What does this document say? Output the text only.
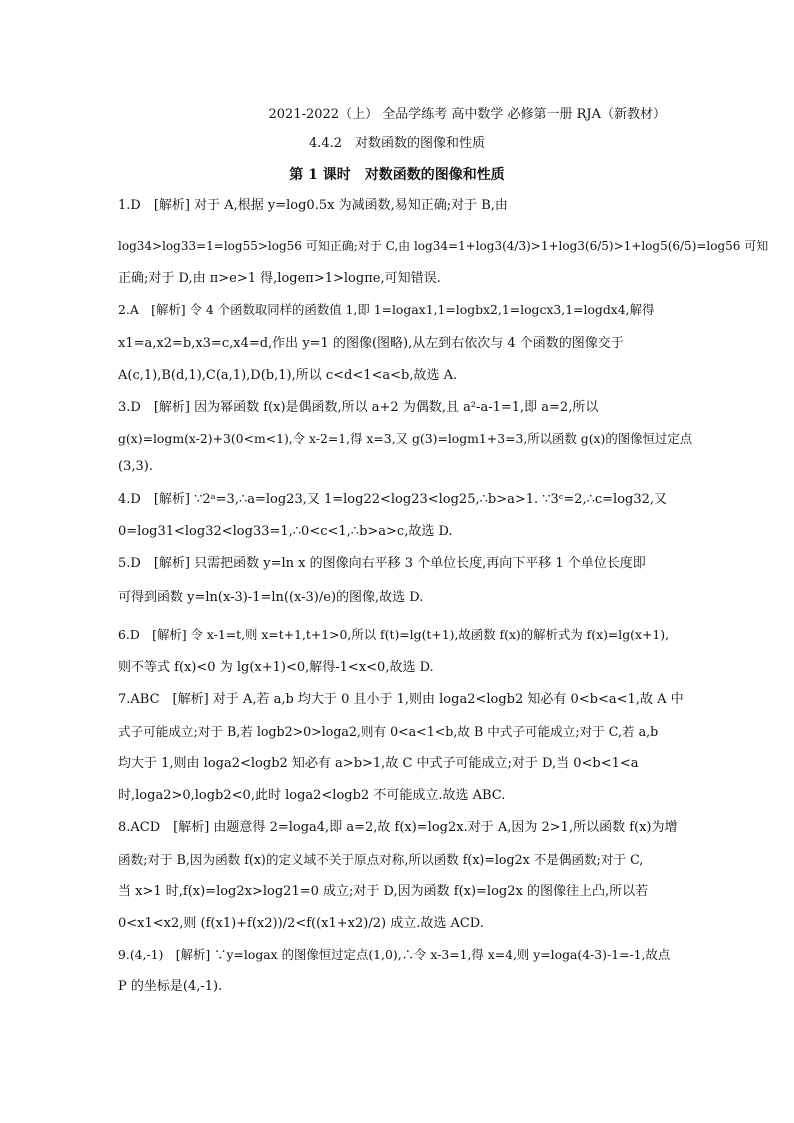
2021-2022（上） 全品学练考 高中数学 必修第一册 RJA（新教材）
4.4.2　对数函数的图像和性质
第 1 课时　对数函数的图像和性质
1.D　[解析] 对于 A,根据 y=log0.5x 为减函数,易知正确;对于 B,由
log34>log33=1=log55>log56 可知正确;对于 C,由 log34=1+log3(4/3)>1+log3(6/5)>1+log5(6/5)=log56 可知
正确;对于 D,由 π>e>1 得,logeπ>1>logπe,可知错误.
2.A　[解析] 令 4 个函数取同样的函数值 1,即 1=logax1,1=logbx2,1=logcx3,1=logdx4,解得
x1=a,x2=b,x3=c,x4=d,作出 y=1 的图像(图略),从左到右依次与 4 个函数的图像交于
A(c,1),B(d,1),C(a,1),D(b,1),所以 c<d<1<a<b,故选 A.
3.D　[解析] 因为幂函数 f(x)是偶函数,所以 a+2 为偶数,且 a²-a-1=1,即 a=2,所以
g(x)=logm(x-2)+3(0<m<1),令 x-2=1,得 x=3,又 g(3)=logm1+3=3,所以函数 g(x)的图像恒过定点
(3,3).
4.D　[解析] ∵2ᵃ=3,∴a=log23,又 1=log22<log23<log25,∴b>a>1. ∵3ᶜ=2,∴c=log32,又
0=log31<log32<log33=1,∴0<c<1,∴b>a>c,故选 D.
5.D　[解析] 只需把函数 y=ln x 的图像向右平移 3 个单位长度,再向下平移 1 个单位长度即
可得到函数 y=ln(x-3)-1=ln((x-3)/e)的图像,故选 D.
6.D　[解析] 令 x-1=t,则 x=t+1,t+1>0,所以 f(t)=lg(t+1),故函数 f(x)的解析式为 f(x)=lg(x+1),
则不等式 f(x)<0 为 lg(x+1)<0,解得-1<x<0,故选 D.
7.ABC　[解析] 对于 A,若 a,b 均大于 0 且小于 1,则由 loga2<logb2 知必有 0<b<a<1,故 A 中
式子可能成立;对于 B,若 logb2>0>loga2,则有 0<a<1<b,故 B 中式子可能成立;对于 C,若 a,b
均大于 1,则由 loga2<logb2 知必有 a>b>1,故 C 中式子可能成立;对于 D,当 0<b<1<a
时,loga2>0,logb2<0,此时 loga2<logb2 不可能成立.故选 ABC.
8.ACD　[解析] 由题意得 2=loga4,即 a=2,故 f(x)=log2x.对于 A,因为 2>1,所以函数 f(x)为增
函数;对于 B,因为函数 f(x)的定义域不关于原点对称,所以函数 f(x)=log2x 不是偶函数;对于 C,
当 x>1 时,f(x)=log2x>log21=0 成立;对于 D,因为函数 f(x)=log2x 的图像往上凸,所以若
0<x1<x2,则 (f(x1)+f(x2))/2<f((x1+x2)/2) 成立.故选 ACD.
9.(4,-1)　[解析] ∵y=logax 的图像恒过定点(1,0),∴令 x-3=1,得 x=4,则 y=loga(4-3)-1=-1,故点
P 的坐标是(4,-1).
